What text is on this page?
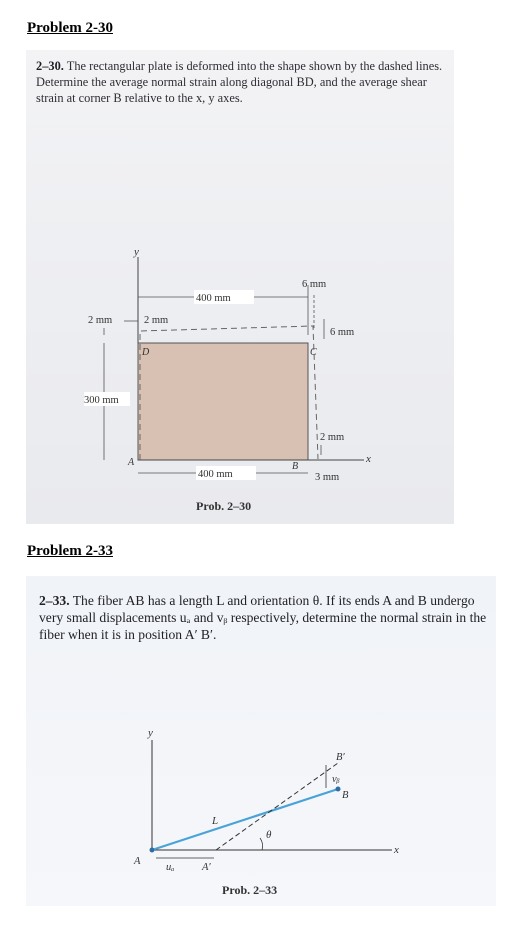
Problem 2-30
2–30. The rectangular plate is deformed into the shape shown by the dashed lines. Determine the average normal strain along diagonal BD, and the average shear strain at corner B relative to the x, y axes.
y
x
400 mm
2 mm	2 mm
300 mm
D	C
A	B
6 mm
6 mm
2 mm
400 mm	3 mm
Prob. 2–30
Problem 2-33
2–33. The fiber AB has a length L and orientation θ. If its ends A and B undergo very small displacements uₐ and vᵦ respectively, determine the normal strain in the fiber when it is in position A′ B′.
y
x
vᵦ
B′
B
L
θ
A
uₐ	A′
Prob. 2–33
